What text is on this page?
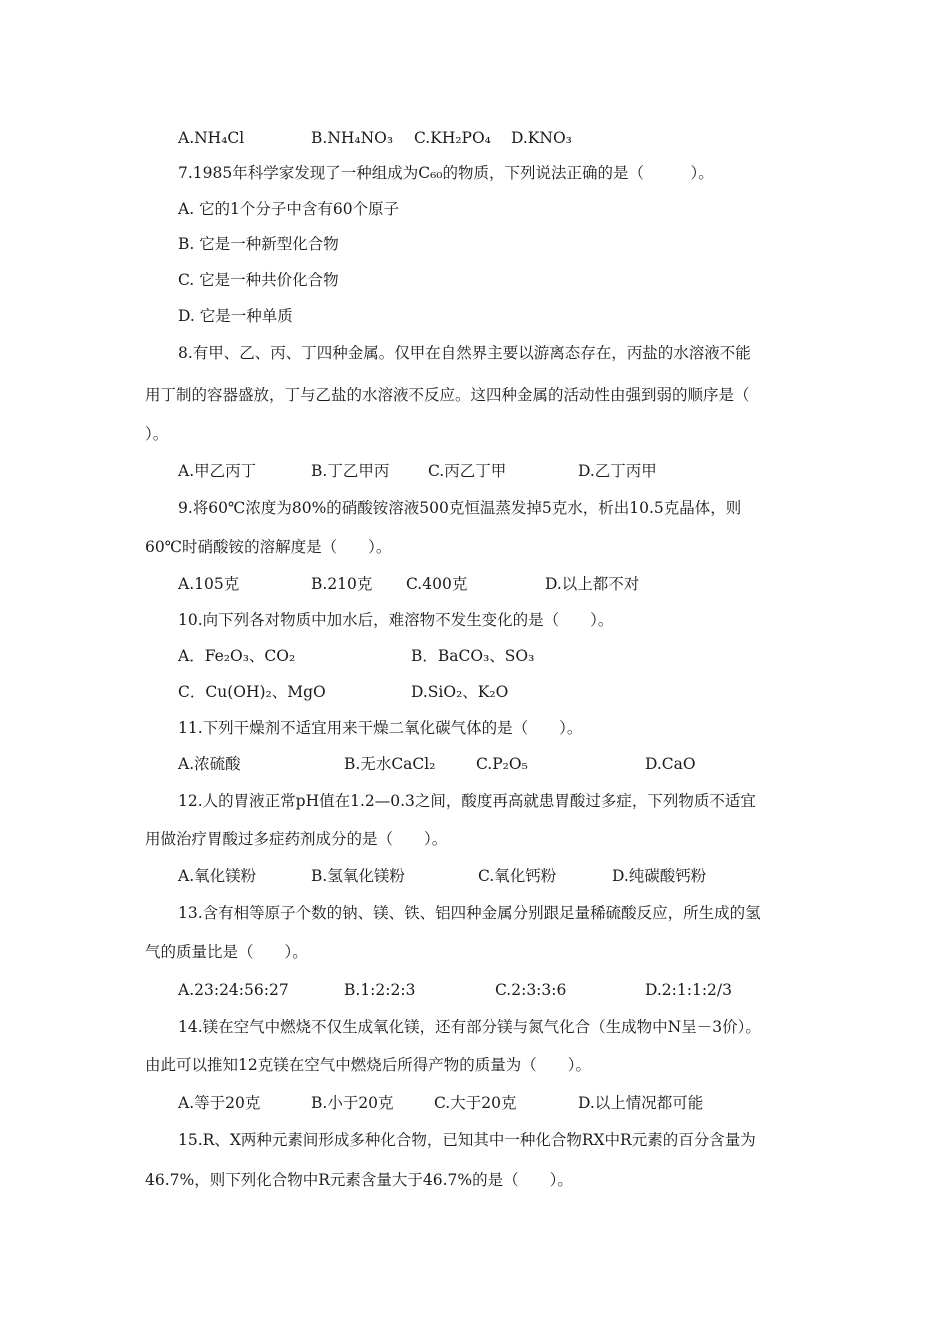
A.NH₄Cl	B.NH₄NO₃ C.KH₂PO₄ D.KNO₃
7.1985年科学家发现了一种组成为C₆₀的物质，下列说法正确的是（　　　）。
A. 它的1个分子中含有60个原子
B. 它是一种新型化合物
C. 它是一种共价化合物
D. 它是一种单质
8.有甲、乙、丙、丁四种金属。仅甲在自然界主要以游离态存在，丙盐的水溶液不能
用丁制的容器盛放，丁与乙盐的水溶液不反应。这四种金属的活动性由强到弱的顺序是（
）。
A.甲乙丙丁	B.丁乙甲丙 C.丙乙丁甲	D.乙丁丙甲
9.将60℃浓度为80%的硝酸铵溶液500克恒温蒸发掉5克水，析出10.5克晶体，则
60℃时硝酸铵的溶解度是（　　）。
A.105克	B.210克 C.400克	D.以上都不对
10.向下列各对物质中加水后，难溶物不发生变化的是（　　）。
A．Fe₂O₃、CO₂	B．BaCO₃、SO₃
C．Cu(OH)₂、MgO	D.SiO₂、K₂O
11.下列干燥剂不适宜用来干燥二氧化碳气体的是（　　）。
A.浓硫酸	B.无水CaCl₂	C.P₂O₅	D.CaO
12.人的胃液正常pH值在1.2—0.3之间，酸度再高就患胃酸过多症，下列物质不适宜
用做治疗胃酸过多症药剂成分的是（　　）。
A.氧化镁粉	B.氢氧化镁粉	C.氧化钙粉	D.纯碳酸钙粉
13.含有相等原子个数的钠、镁、铁、铝四种金属分别跟足量稀硫酸反应，所生成的氢
气的质量比是（　　）。
A.23:24:56:27	B.1:2:2:3	C.2:3:3:6	D.2:1:1:2/3
14.镁在空气中燃烧不仅生成氧化镁，还有部分镁与氮气化合（生成物中N呈－3价）。
由此可以推知12克镁在空气中燃烧后所得产物的质量为（　　）。
A.等于20克	B.小于20克	C.大于20克	D.以上情况都可能
15.R、X两种元素间形成多种化合物，已知其中一种化合物RX中R元素的百分含量为
46.7%，则下列化合物中R元素含量大于46.7%的是（　　）。
